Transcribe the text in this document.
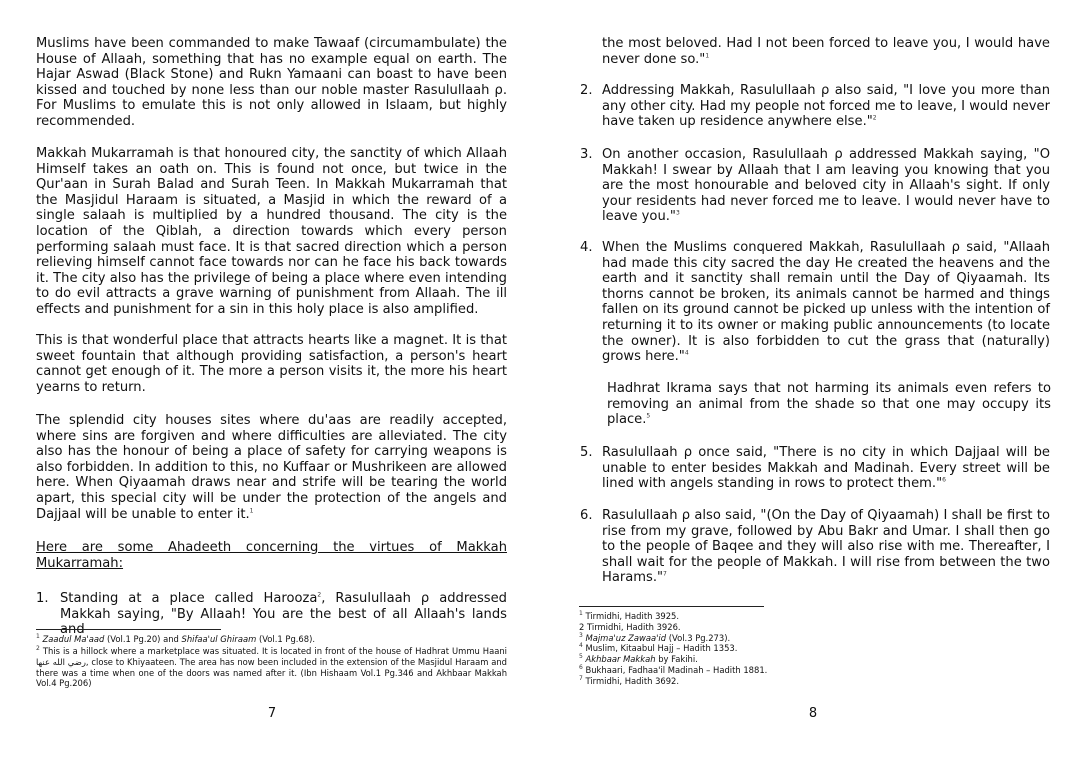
Muslims have been commanded to make Tawaaf (circumambulate) the House of Allaah, something that has no example equal on earth. The Hajar Aswad (Black Stone) and Rukn Yamaani can boast to have been kissed and touched by none less than our noble master Rasulullaah ρ. For Muslims to emulate this is not only allowed in Islaam, but highly recommended.

Makkah Mukarramah is that honoured city, the sanctity of which Allaah Himself takes an oath on. This is found not once, but twice in the Qur'aan in Surah Balad and Surah Teen. In Makkah Mukarramah that the Masjidul Haraam is situated, a Masjid in which the reward of a single salaah is multiplied by a hundred thousand. The city is the location of the Qiblah, a direction towards which every person performing salaah must face. It is that sacred direction which a person relieving himself cannot face towards nor can he face his back towards it. The city also has the privilege of being a place where even intending to do evil attracts a grave warning of punishment from Allaah. The ill effects and punishment for a sin in this holy place is also amplified.

This is that wonderful place that attracts hearts like a magnet. It is that sweet fountain that although providing satisfaction, a person's heart cannot get enough of it. The more a person visits it, the more his heart yearns to return.

The splendid city houses sites where du'aas are readily accepted, where sins are forgiven and where difficulties are alleviated. The city also has the honour of being a place of safety for carrying weapons is also forbidden. In addition to this, no Kuffaar or Mushrikeen are allowed here. When Qiyaamah draws near and strife will be tearing the world apart, this special city will be under the protection of the angels and Dajjaal will be unable to enter it.$^1$

Here are some Ahadeeth concerning the virtues of Makkah Mukarramah:

1. Standing at a place called Harooza$^2$, Rasulullaah ρ addressed Makkah saying, "By Allaah! You are the best of all Allaah's lands and
$^1$ Zaadul Ma'aad (Vol.1 Pg.20) and Shifaa'ul Ghiraam (Vol.1 Pg.68).
$^2$ This is a hillock where a marketplace was situated. It is located in front of the house of Hadhrat Ummu Haani رضي الله عنها, close to Khiyaateen. The area has now been included in the extension of the Masjidul Haraam and there was a time when one of the doors was named after it. (Ibn Hishaam Vol.1 Pg.346 and Akhbaar Makkah Vol.4 Pg.206)
7

the most beloved. Had I not been forced to leave you, I would have never done so."$^1$

2. Addressing Makkah, Rasulullaah ρ also said, "I love you more than any other city. Had my people not forced me to leave, I would never have taken up residence anywhere else."$^2$
3. On another occasion, Rasulullaah ρ addressed Makkah saying, "O Makkah! I swear by Allaah that I am leaving you knowing that you are the most honourable and beloved city in Allaah's sight. If only your residents had never forced me to leave. I would never have to leave you."$^3$
4. When the Muslims conquered Makkah, Rasulullaah ρ said, "Allaah had made this city sacred the day He created the heavens and the earth and it sanctity shall remain until the Day of Qiyaamah. Its thorns cannot be broken, its animals cannot be harmed and things fallen on its ground cannot be picked up unless with the intention of returning it to its owner or making public announcements (to locate the owner). It is also forbidden to cut the grass that (naturally) grows here."$^4$

Hadhrat Ikrama says that not harming its animals even refers to removing an animal from the shade so that one may occupy its place.$^5$

5. Rasulullaah ρ once said, "There is no city in which Dajjaal will be unable to enter besides Makkah and Madinah. Every street will be lined with angels standing in rows to protect them."$^6$
6. Rasulullaah ρ also said, "(On the Day of Qiyaamah) I shall be first to rise from my grave, followed by Abu Bakr and Umar. I shall then go to the people of Baqee and they will also rise with me. Thereafter, I shall wait for the people of Makkah. I will rise from between the two Harams."$^7$
$^1$ Tirmidhi, Hadith 3925.
2 Tirmidhi, Hadith 3926.
$^3$ Majma'uz Zawaa'id (Vol.3 Pg.273).
$^4$ Muslim, Kitaabul Hajj – Hadith 1353.
$^5$ Akhbaar Makkah by Fakihi.
$^6$ Bukhaari, Fadhaa'il Madinah – Hadith 1881.
$^7$ Tirmidhi, Hadith 3692.
8
